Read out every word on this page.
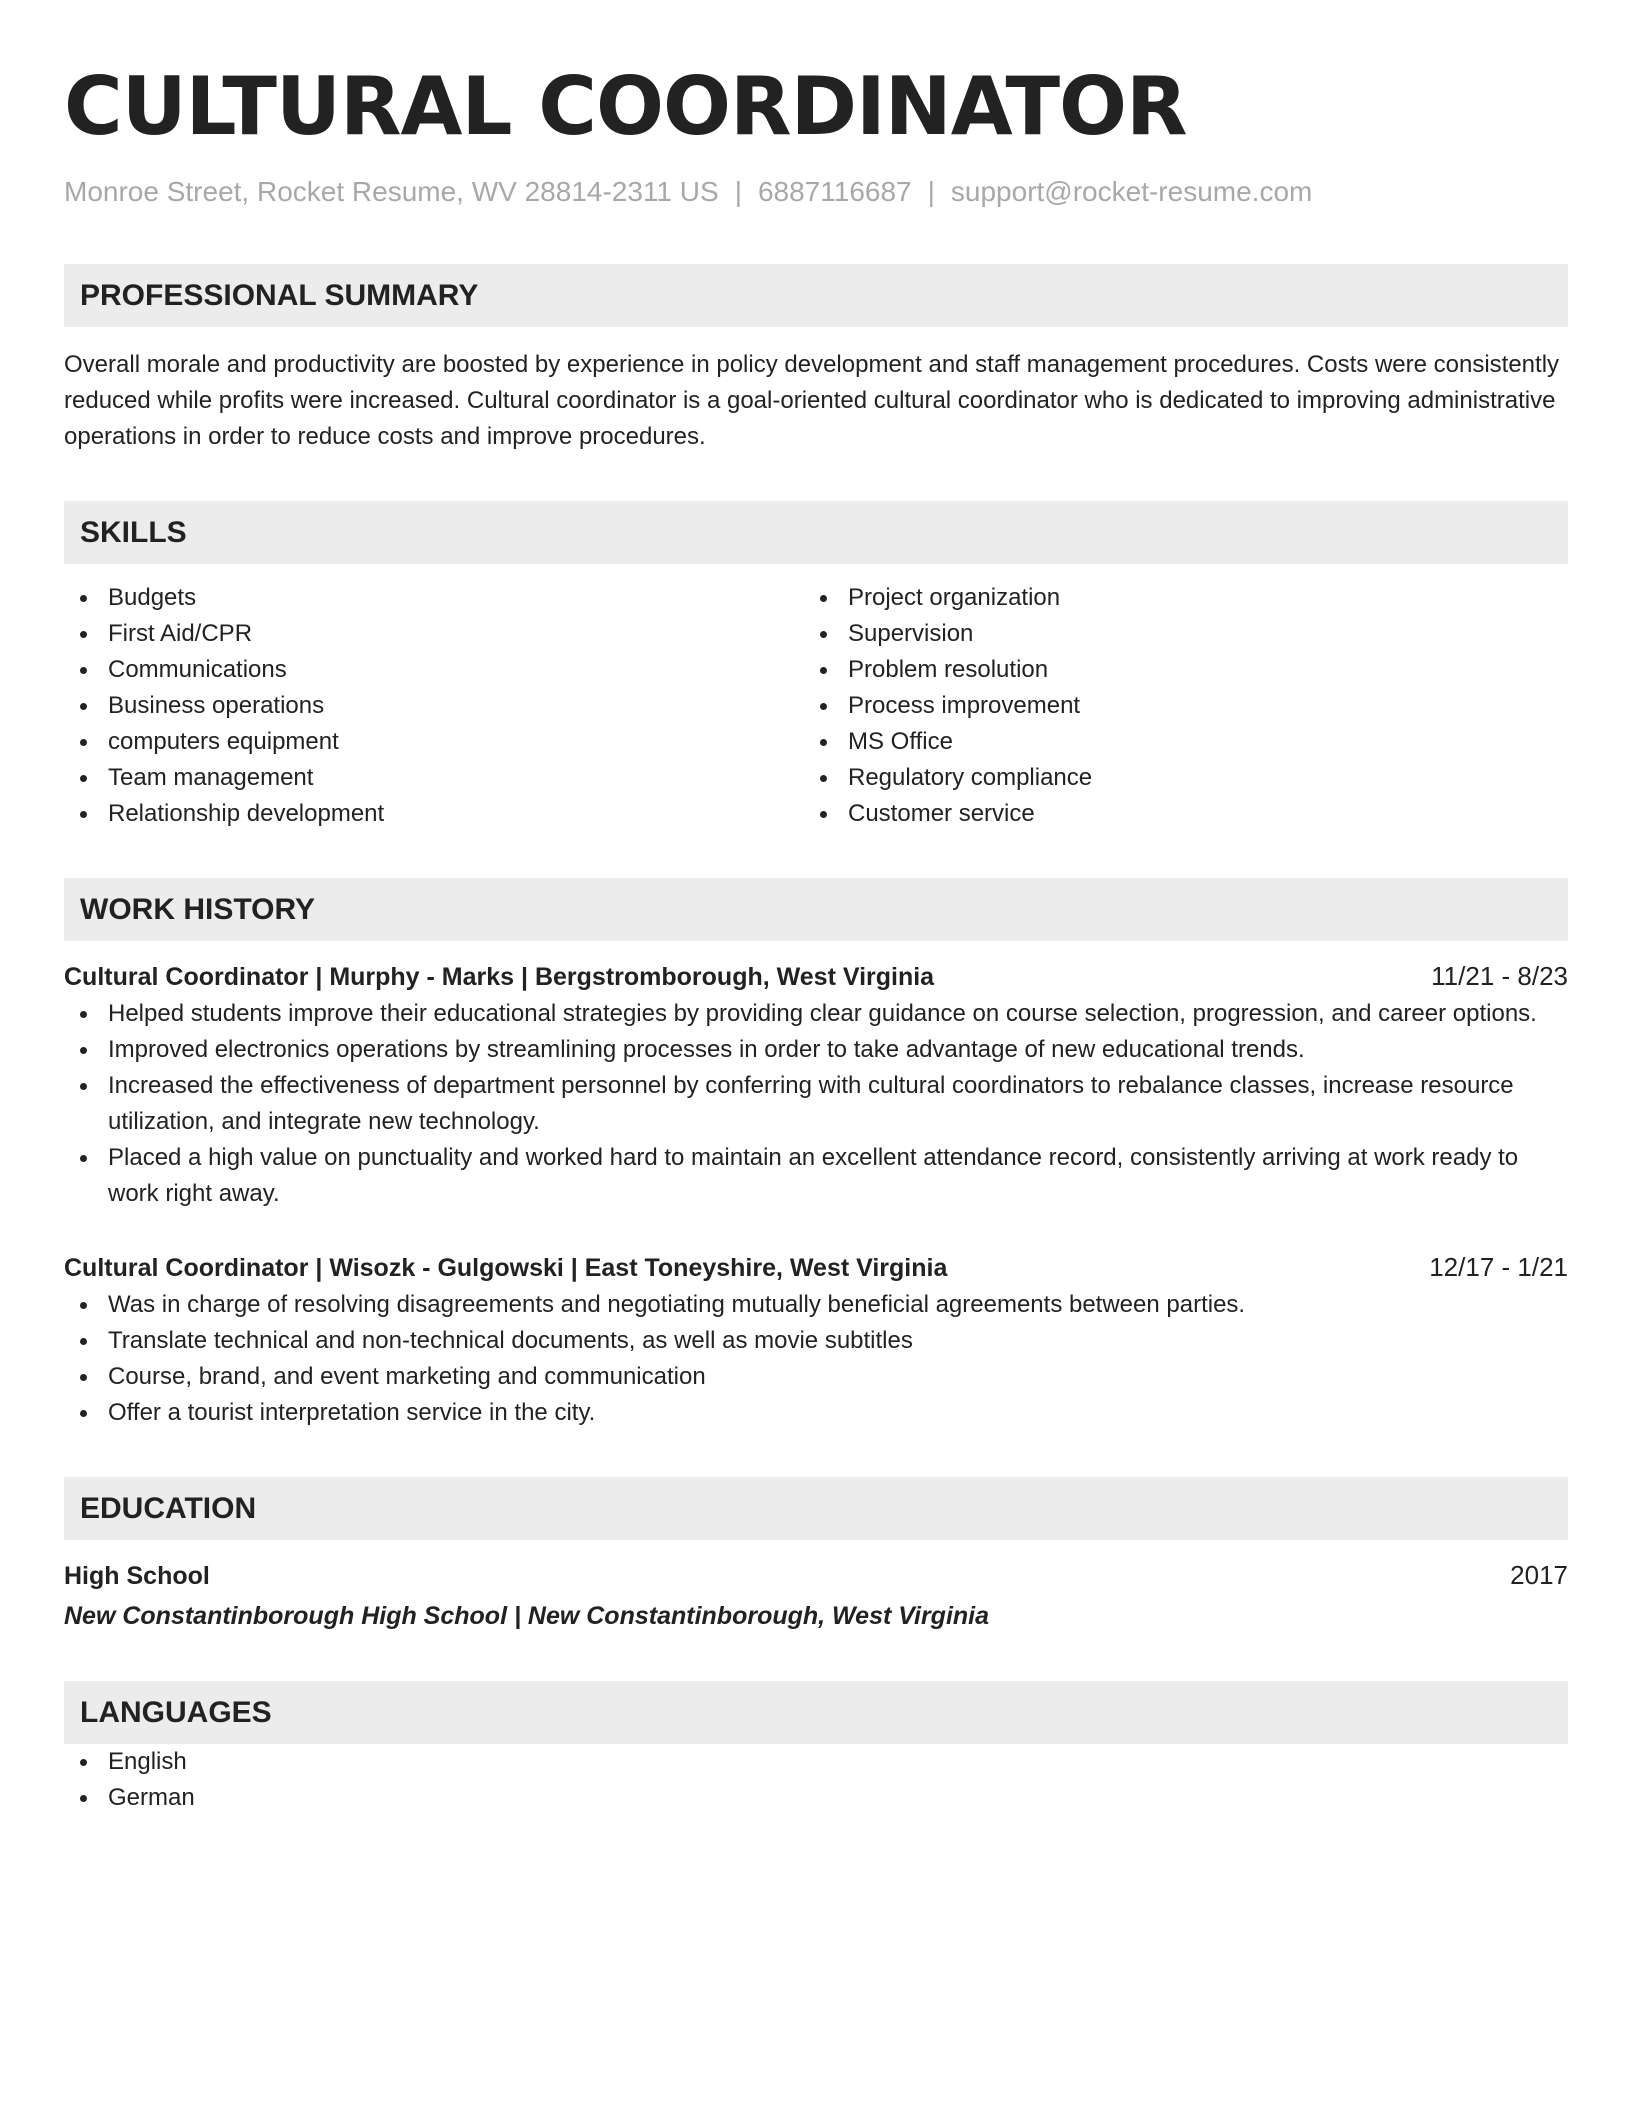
CULTURAL COORDINATOR
Monroe Street, Rocket Resume, WV 28814-2311 US | 6887116687 | support@rocket-resume.com
PROFESSIONAL SUMMARY
Overall morale and productivity are boosted by experience in policy development and staff management procedures. Costs were consistently reduced while profits were increased. Cultural coordinator is a goal-oriented cultural coordinator who is dedicated to improving administrative operations in order to reduce costs and improve procedures.
SKILLS
Budgets
First Aid/CPR
Communications
Business operations
computers equipment
Team management
Relationship development
Project organization
Supervision
Problem resolution
Process improvement
MS Office
Regulatory compliance
Customer service
WORK HISTORY
Cultural Coordinator | Murphy - Marks | Bergstromborough, West Virginia	11/21 - 8/23
Helped students improve their educational strategies by providing clear guidance on course selection, progression, and career options.
Improved electronics operations by streamlining processes in order to take advantage of new educational trends.
Increased the effectiveness of department personnel by conferring with cultural coordinators to rebalance classes, increase resource utilization, and integrate new technology.
Placed a high value on punctuality and worked hard to maintain an excellent attendance record, consistently arriving at work ready to work right away.
Cultural Coordinator | Wisozk - Gulgowski | East Toneyshire, West Virginia	12/17 - 1/21
Was in charge of resolving disagreements and negotiating mutually beneficial agreements between parties.
Translate technical and non-technical documents, as well as movie subtitles
Course, brand, and event marketing and communication
Offer a tourist interpretation service in the city.
EDUCATION
High School	2017
New Constantinborough High School | New Constantinborough, West Virginia
LANGUAGES
English
German
